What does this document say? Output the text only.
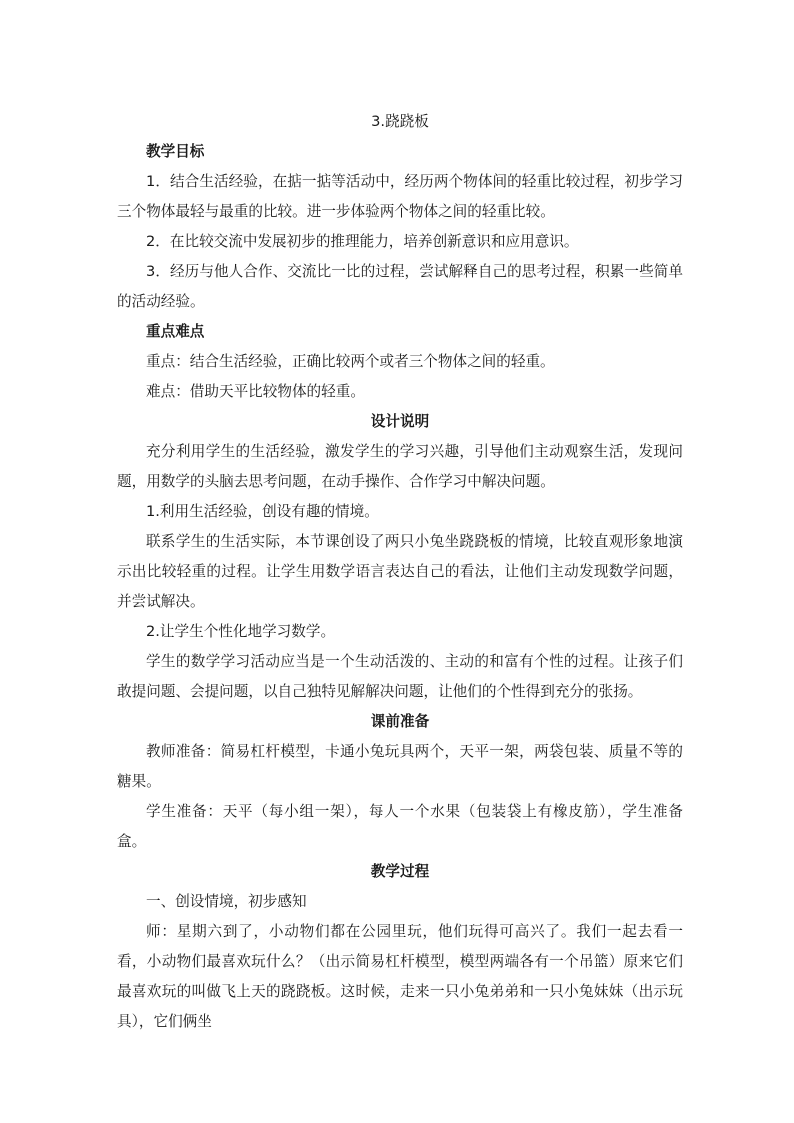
3.跷跷板

教学目标

1．结合生活经验，在掂一掂等活动中，经历两个物体间的轻重比较过程，初步学习三个物体最轻与最重的比较。进一步体验两个物体之间的轻重比较。

2．在比较交流中发展初步的推理能力，培养创新意识和应用意识。

3．经历与他人合作、交流比一比的过程，尝试解释自己的思考过程，积累一些简单的活动经验。

重点难点

重点：结合生活经验，正确比较两个或者三个物体之间的轻重。

难点：借助天平比较物体的轻重。

设计说明

充分利用学生的生活经验，激发学生的学习兴趣，引导他们主动观察生活，发现问题，用数学的头脑去思考问题，在动手操作、合作学习中解决问题。

1.利用生活经验，创设有趣的情境。

联系学生的生活实际，本节课创设了两只小兔坐跷跷板的情境，比较直观形象地演示出比较轻重的过程。让学生用数学语言表达自己的看法，让他们主动发现数学问题，并尝试解决。

2.让学生个性化地学习数学。

学生的数学学习活动应当是一个生动活泼的、主动的和富有个性的过程。让孩子们敢提问题、会提问题，以自己独特见解解决问题，让他们的个性得到充分的张扬。

课前准备

教师准备：简易杠杆模型，卡通小兔玩具两个，天平一架，两袋包装、质量不等的糖果。

学生准备：天平（每小组一架），每人一个水果（包装袋上有橡皮筋），学生准备盒。

教学过程

一、创设情境，初步感知

师：星期六到了，小动物们都在公园里玩，他们玩得可高兴了。我们一起去看一看，小动物们最喜欢玩什么？（出示简易杠杆模型，模型两端各有一个吊篮）原来它们最喜欢玩的叫做飞上天的跷跷板。这时候，走来一只小兔弟弟和一只小兔妹妹（出示玩具），它们俩坐
